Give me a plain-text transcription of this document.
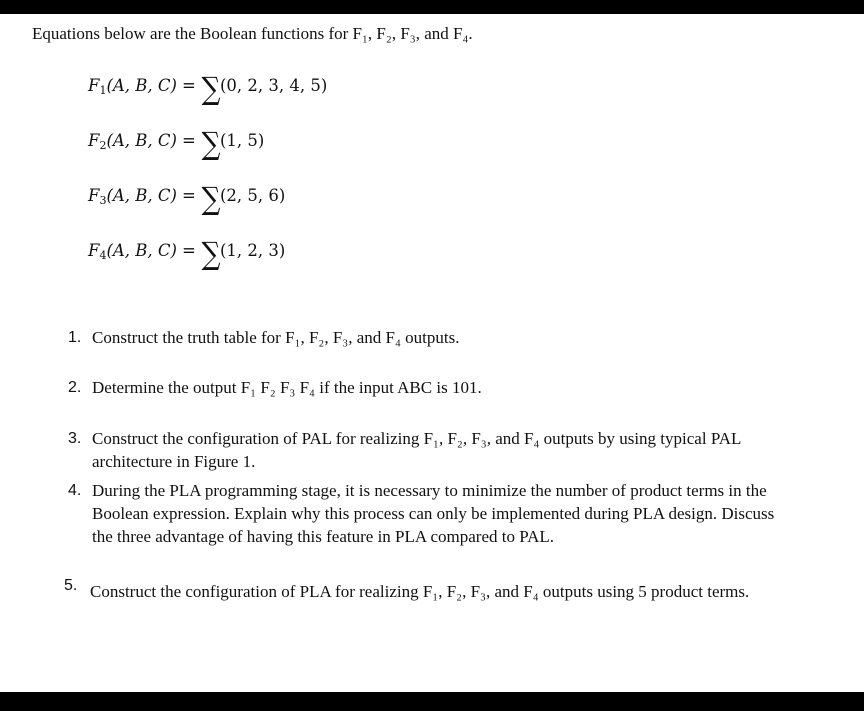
Equations below are the Boolean functions for F₁, F₂, F₃, and F₄.
$F_1(A$, B, C) = ∑(0, 2, 3, 4, 5)
$F_2(A$, B, C) = ∑(1, 5)
$F_3(A$, B, C) = ∑(2, 5, 6)
$F_4(A$, B, C) = ∑(1, 2, 3)
1. Construct the truth table for F₁, F₂, F₃, and F₄ outputs.
2. Determine the output F₁ F₂ F₃ F₄ if the input ABC is 101.
3. Construct the configuration of PAL for realizing F₁, F₂, F₃, and F₄ outputs by using typical PAL architecture in Figure 1.
4. During the PLA programming stage, it is necessary to minimize the number of product terms in the Boolean expression. Explain why this process can only be implemented during PLA design. Discuss the three advantage of having this feature in PLA compared to PAL.
5. Construct the configuration of PLA for realizing F₁, F₂, F₃, and F₄ outputs using 5 product terms.
